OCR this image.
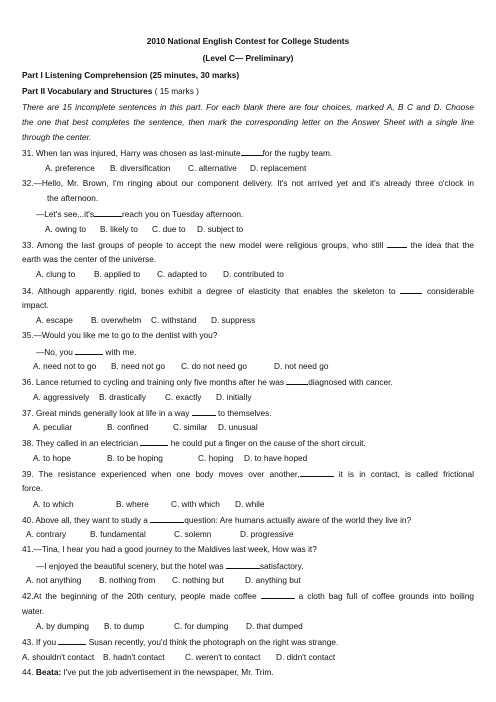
2010 National English Contest for College Students
(Level C— Preliminary)
Part I Listening Comprehension (25 minutes, 30 marks)
Part II Vocabulary and Structures ( 15 marks )
There are 15 incomplete sentences in this part. For each blank there are four choices, marked A, B C and D. Choose
the one that best completes the sentence, then mark the corresponding letter on the Answer Sheet with a single line
through the center.
31. When Ian was injured, Harry was chosen as last-minute	for the rugby team.
A. preference B. diversification C. alternative D. replacement
32.—Hello, Mr. Brown, I'm ringing about our component delivery. It's not arrived yet and it's already three o'clock in
the afternoon.
—Let's see...it's	reach you on Tuesday afternoon.
A. owing to B. likely to C. due to D. subject to
33. Among the last groups of people to accept the new model were religious groups, who still  the idea that the
earth was the center of the universe.
A. clung to B. applied to C. adapted to D. contributed to
34. Although apparently rigid, bones exhibit a degree of elasticity that enables the skeleton to	considerable
impact.
A. escape B. overwhelm C. withstand D. suppress
35.—Would you like me to go to the dentist with you?
—No, you	with me.
A. need not to go B. need not go C. do not need go	D. not need go
36. Lance returned to cycling and training only five months after he was	diagnosed with cancer.
A. aggressively B. drastically C. exactly D. initially
37. Great minds generally look at life in a way	to themselves.
A. peculiar	B. confined	C. similar D. unusual
38. They called in an electrician	he could put a finger on the cause of the short circuit.
A. to hope	B. to be hoping	C. hoping D. to have hoped
39. The resistance experienced when one body moves over another,	it is in contact, is called frictional
force.
A. to which	B. where	C. with which D. while
40. Above all, they want to study a	question: Are humans actually aware of the world they live in?
A. contrary	B. fundamental	C. solemn	D. progressive
41.—Tina, I hear you had a good journey to the Maldives last week, How was it?
—I enjoyed the beautiful scenery, but the hotel was	satisfactory.
A. not anything B. nothing from C. nothing but	D. anything but
42.At the beginning of the 20th century, people made coffee	a cloth bag full of coffee grounds into boiling
water.
A. by dumping B. to dump	C. for dumping D. that dumped
43. If you	Susan recently, you'd think the photograph on the right was strange.
A. shouldn't contact B. hadn't contact C. weren't to contact D. didn't contact
44. Beata: I've put the job advertisement in the newspaper, Mr. Trim.
